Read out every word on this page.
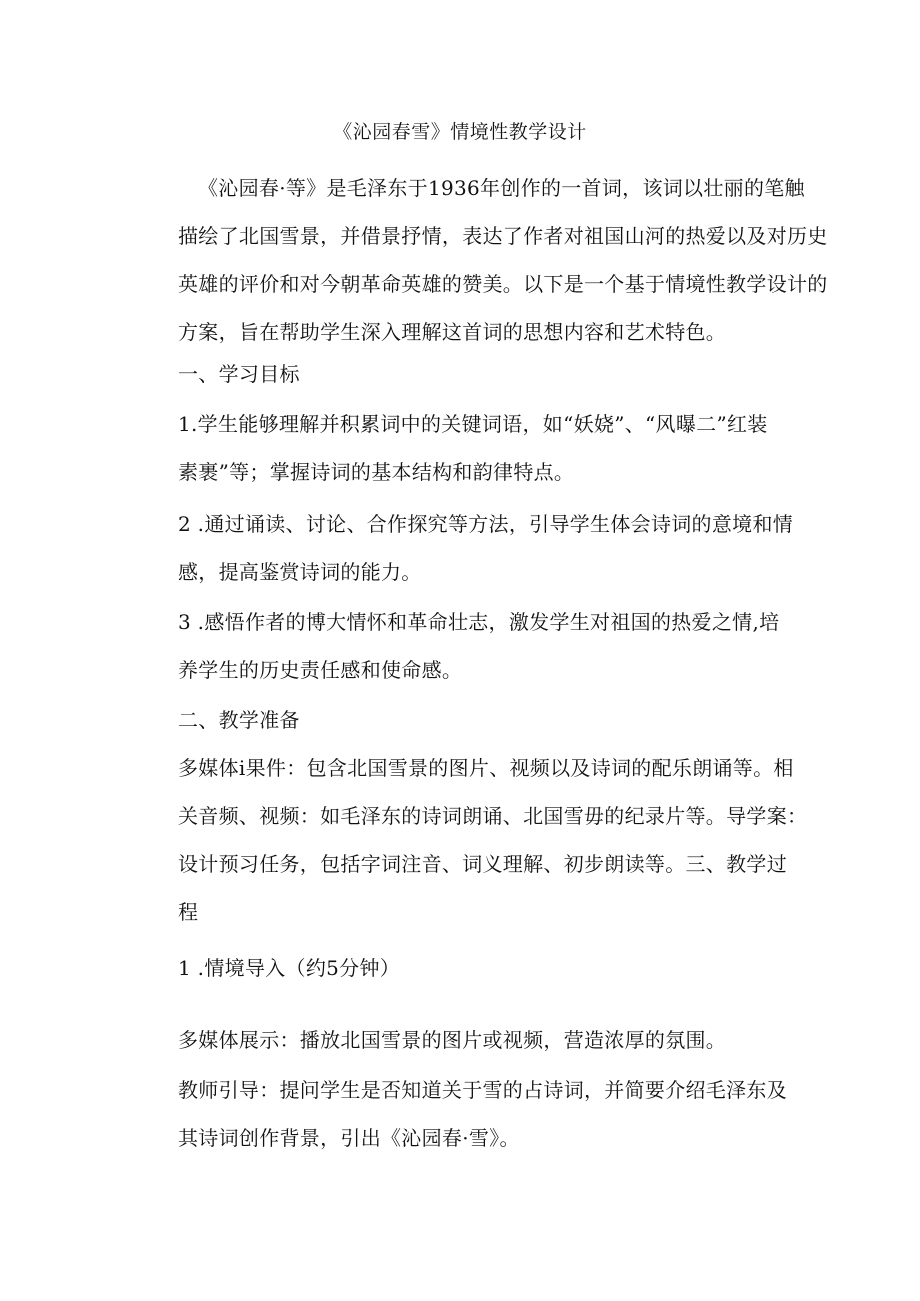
《沁园春雪》情境性教学设计
《沁园春·等》是毛泽东于1936年创作的一首词，该词以壮丽的笔触
描绘了北国雪景，并借景抒情，表达了作者对祖国山河的热爱以及对历史
英雄的评价和对今朝革命英雄的赞美。以下是一个基于情境性教学设计的
方案，旨在帮助学生深入理解这首词的思想内容和艺术特色。
一、学习目标
1.学生能够理解并积累词中的关键词语，如“妖娆”、“风曝二”红装
素裹”等；掌握诗词的基本结构和韵律特点。
2 .通过诵读、讨论、合作探究等方法，引导学生体会诗词的意境和情
感，提高鉴赏诗词的能力。
3 .感悟作者的博大情怀和革命壮志，激发学生对祖国的热爱之情,培
养学生的历史责任感和使命感。
二、教学准备
多媒体i果件：包含北国雪景的图片、视频以及诗词的配乐朗诵等。相
关音频、视频：如毛泽东的诗词朗诵、北国雪毋的纪录片等。导学案：
设计预习任务，包括字词注音、词义理解、初步朗读等。三、教学过
程
1 .情境导入（约5分钟）
多媒体展示：播放北国雪景的图片或视频，营造浓厚的氛围。
教师引导：提问学生是否知道关于雪的占诗词，并简要介绍毛泽东及
其诗词创作背景，引出《沁园春·雪》。
